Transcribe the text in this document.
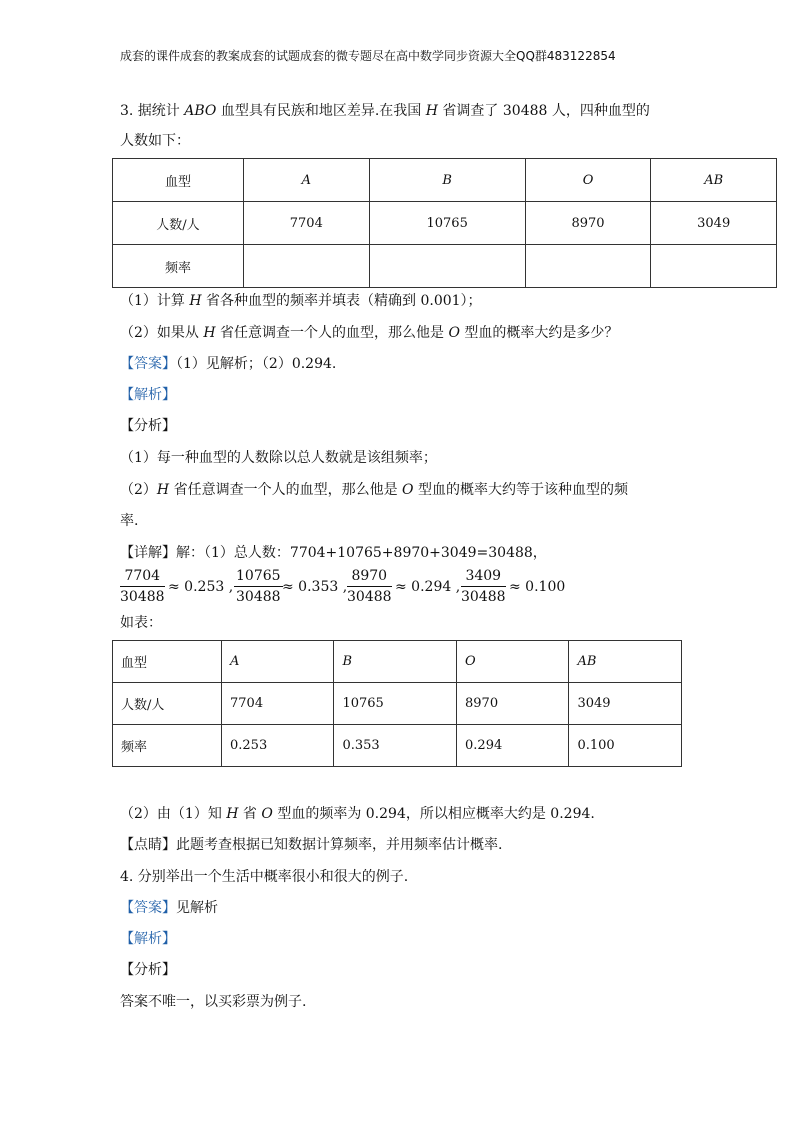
成套的课件成套的教案成套的试题成套的微专题尽在高中数学同步资源大全QQ群483122854
3. 据统计 ABO 血型具有民族和地区差异.在我国 H 省调查了 30488 人，四种血型的
人数如下：
血型	A	B	O	AB
人数/人	7704	10765	8970	3049
频率				
（1）计算 H 省各种血型的频率并填表（精确到 0.001）；
（2）如果从 H 省任意调查一个人的血型，那么他是 O 型血的概率大约是多少？
【答案】（1）见解析；（2）0.294.
【解析】
【分析】
（1）每一种血型的人数除以总人数就是该组频率；
（2）H 省任意调查一个人的血型，那么他是 O 型血的概率大约等于该种血型的频
率.
【详解】解：（1）总人数：7704+10765+8970+3049=30488，
$\frac{7704}{30488} \approx 0.253$ , $\frac{10765}{30488} \approx 0.353$ , $\frac{8970}{30488} \approx 0.294$ , $\frac{3409}{30488} \approx 0.100$
如表：
血型	A	B	O	AB
人数/人	7704	10765	8970	3049
频率	0.253	0.353	0.294	0.100
（2）由（1）知 H 省 O 型血的频率为 0.294，所以相应概率大约是 0.294.
【点睛】此题考查根据已知数据计算频率，并用频率估计概率.
4. 分别举出一个生活中概率很小和很大的例子.
【答案】见解析
【解析】
【分析】
答案不唯一，以买彩票为例子.
